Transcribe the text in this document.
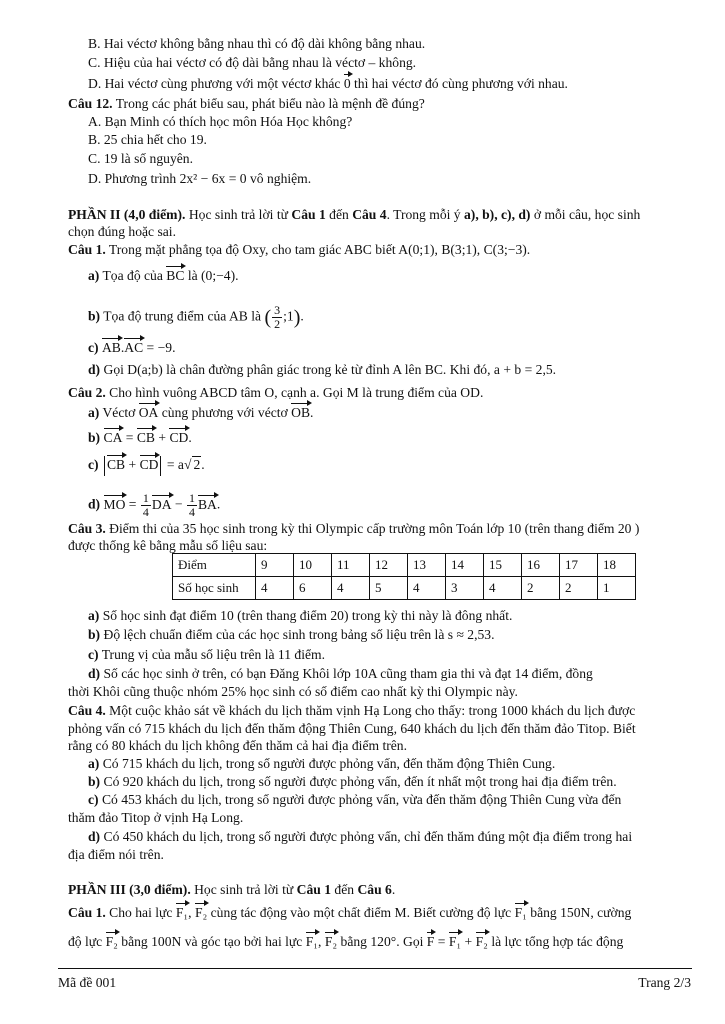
B. Hai véctơ không bằng nhau thì có độ dài không bằng nhau.
C. Hiệu của hai véctơ có độ dài bằng nhau là véctơ – không.
D. Hai véctơ cùng phương với một véctơ khác 0 thì hai véctơ đó cùng phương với nhau.
Câu 12. Trong các phát biểu sau, phát biểu nào là mệnh đề đúng?
A. Bạn Minh có thích học môn Hóa Học không?
B. 25 chia hết cho 19.
C. 19 là số nguyên.
D. Phương trình 2x² − 6x = 0 vô nghiệm.
PHẦN II (4,0 điểm). Học sinh trả lời từ Câu 1 đến Câu 4. Trong mỗi ý a), b), c), d) ở mỗi câu, học sinh
chọn đúng hoặc sai.
Câu 1. Trong mặt phẳng tọa độ Oxy, cho tam giác ABC biết A(0;1), B(3;1), C(3;−3).
a) Tọa độ của BC là (0;−4).
b) Tọa độ trung điểm của AB là ( $\frac{3}{2}$ ;1).
c) AB.AC = −9.
d) Gọi D(a;b) là chân đường phân giác trong kẻ từ đỉnh A lên BC. Khi đó, a + b = 2,5.
Câu 2. Cho hình vuông ABCD tâm O, cạnh a. Gọi M là trung điểm của OD.
a) Véctơ OA cùng phương với véctơ OB.
b) CA = CB + CD.
c) CB + CD = a√ 2.
d) MO = $\frac{1}{4}$ DA − $\frac{1}{4}$ BA.
Câu 3. Điểm thi của 35 học sinh trong kỳ thi Olympic cấp trường môn Toán lớp 10 (trên thang điểm 20 )
được thống kê bằng mẫu số liệu sau:
Điểm	9	10	11	12	13	14	15	16	17	18
Số học sinh	4	6	4	5	4	3	4	2	2	1
a) Số học sinh đạt điểm 10 (trên thang điểm 20) trong kỳ thi này là đông nhất.
b) Độ lệch chuẩn điểm của các học sinh trong bảng số liệu trên là s ≈ 2,53.
c) Trung vị của mẫu số liệu trên là 11 điểm.
d) Số các học sinh ở trên, có bạn Đăng Khôi lớp 10A cũng tham gia thi và đạt 14 điểm, đồng
thời Khôi cũng thuộc nhóm 25% học sinh có số điểm cao nhất kỳ thi Olympic này.
Câu 4. Một cuộc khảo sát về khách du lịch thăm vịnh Hạ Long cho thấy: trong 1000 khách du lịch được
phỏng vấn có 715 khách du lịch đến thăm động Thiên Cung, 640 khách du lịch đến thăm đảo Titop. Biết
rằng có 80 khách du lịch không đến thăm cả hai địa điểm trên.
a) Có 715 khách du lịch, trong số người được phỏng vấn, đến thăm động Thiên Cung.
b) Có 920 khách du lịch, trong số người được phỏng vấn, đến ít nhất một trong hai địa điểm trên.
c) Có 453 khách du lịch, trong số người được phỏng vấn, vừa đến thăm động Thiên Cung vừa đến
thăm đảo Titop ở vịnh Hạ Long.
d) Có 450 khách du lịch, trong số người được phỏng vấn, chỉ đến thăm đúng một địa điểm trong hai
địa điểm nói trên.
PHẦN III (3,0 điểm). Học sinh trả lời từ Câu 1 đến Câu 6.
Câu 1. Cho hai lực F₁, F₂ cùng tác động vào một chất điểm M. Biết cường độ lực F₁ bằng 150N, cường
độ lực F₂ bằng 100N và góc tạo bởi hai lực F₁, F₂ bằng 120°. Gọi F = F₁ + F₂ là lực tổng hợp tác động
Mã đề 001	Trang 2/3
